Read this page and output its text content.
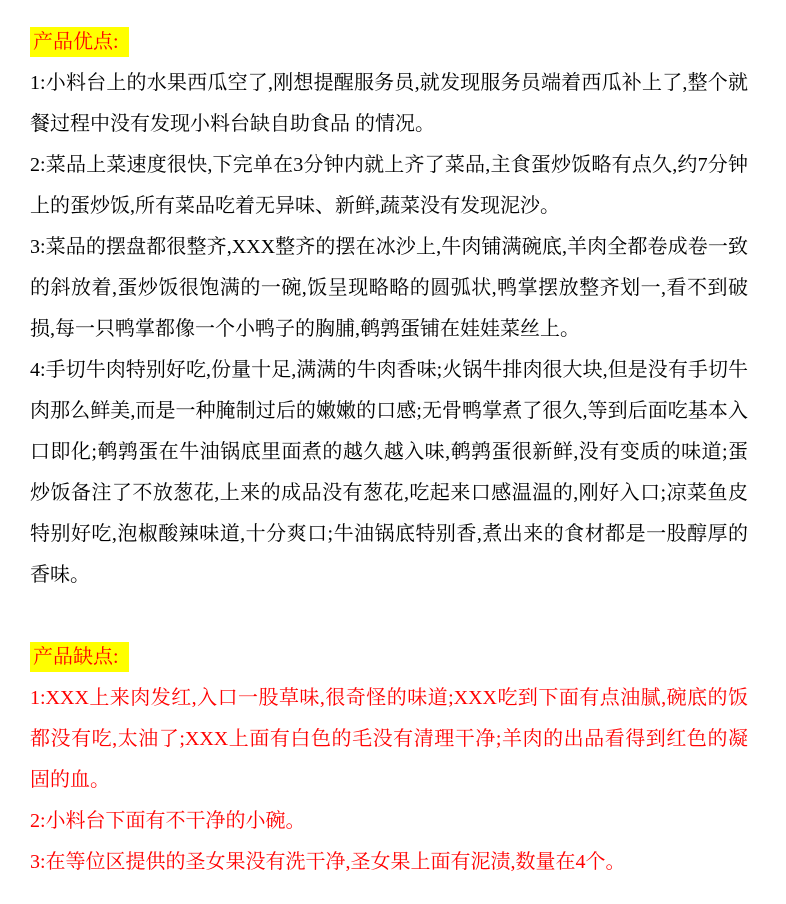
产品优点:

1:小料台上的水果西瓜空了,刚想提醒服务员,就发现服务员端着西瓜补上了,整个就餐过程中没有发现小料台缺自助食品 的情况。

2:菜品上菜速度很快,下完单在3分钟内就上齐了菜品,主食蛋炒饭略有点久,约7分钟上的蛋炒饭,所有菜品吃着无异味、新鲜,蔬菜没有发现泥沙。

3:菜品的摆盘都很整齐,XXX整齐的摆在冰沙上,牛肉铺满碗底,羊肉全都卷成卷一致的斜放着,蛋炒饭很饱满的一碗,饭呈现略略的圆弧状,鸭掌摆放整齐划一,看不到破损,每一只鸭掌都像一个小鸭子的胸脯,鹌鹑蛋铺在娃娃菜丝上。

4:手切牛肉特别好吃,份量十足,满满的牛肉香味;火锅牛排肉很大块,但是没有手切牛肉那么鲜美,而是一种腌制过后的嫩嫩的口感;无骨鸭掌煮了很久,等到后面吃基本入口即化;鹌鹑蛋在牛油锅底里面煮的越久越入味,鹌鹑蛋很新鲜,没有变质的味道;蛋炒饭备注了不放葱花,上来的成品没有葱花,吃起来口感温温的,刚好入口;凉菜鱼皮特别好吃,泡椒酸辣味道,十分爽口;牛油锅底特别香,煮出来的食材都是一股醇厚的香味。

产品缺点:

1:XXX上来肉发红,入口一股草味,很奇怪的味道;XXX吃到下面有点油腻,碗底的饭都没有吃,太油了;XXX上面有白色的毛没有清理干净;羊肉的出品看得到红色的凝固的血。

2:小料台下面有不干净的小碗。

3:在等位区提供的圣女果没有洗干净,圣女果上面有泥渍,数量在4个。
